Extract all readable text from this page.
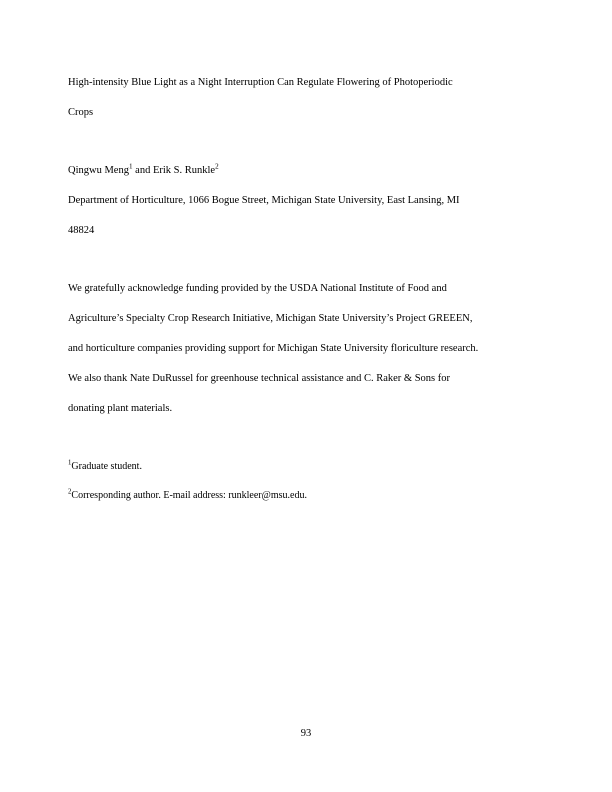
High-intensity Blue Light as a Night Interruption Can Regulate Flowering of Photoperiodic

Crops

Qingwu Meng$^1$ and Erik S. Runkle$^2$

Department of Horticulture, 1066 Bogue Street, Michigan State University, East Lansing, MI

48824

We gratefully acknowledge funding provided by the USDA National Institute of Food and

Agriculture’s Specialty Crop Research Initiative, Michigan State University’s Project GREEEN,

and horticulture companies providing support for Michigan State University floriculture research.

We also thank Nate DuRussel for greenhouse technical assistance and C. Raker & Sons for

donating plant materials.

$^1$Graduate student.

$^2$Corresponding author. E-mail address: runkleer@msu.edu.

93
